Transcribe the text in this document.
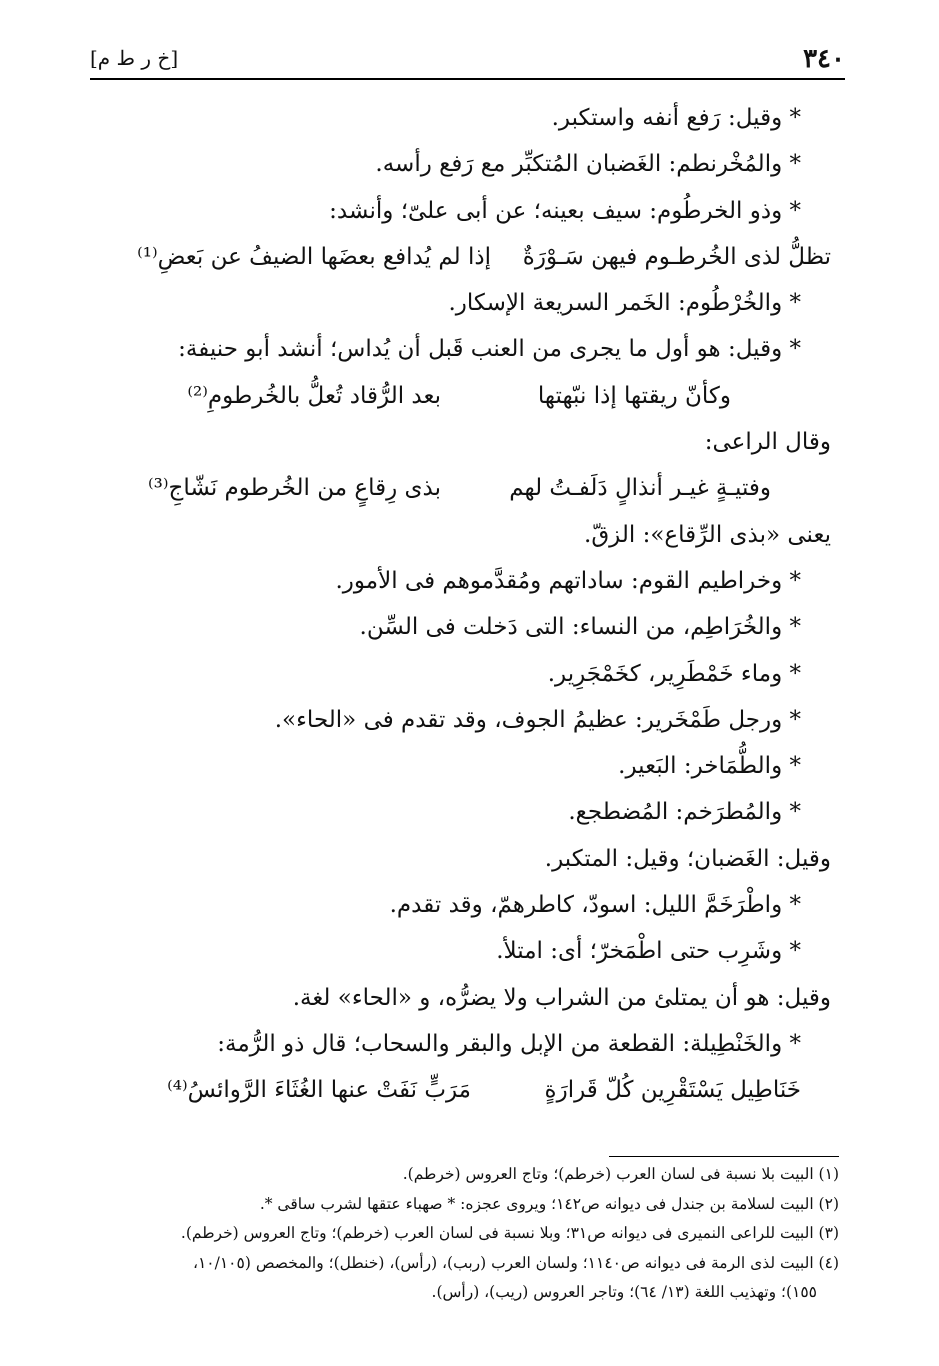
٣٤٠
[خ ر ط م]
* وقيل: رَفع أنفه واستكبر.
* والمُخْرنطم: الغَضبان المُتكبِّر مع رَفع رأسه.
* وذو الخرطُوم: سيف بعينه؛ عن أبى علىّ؛ وأنشد:
تظلُّ لذى الخُرطـوم فيهن سَـوْرَةٌ
إذا لم يُدافع بعضَها الضيفُ عن بَعضِ⁽¹⁾
* والخُرْطُوم: الخَمر السريعة الإسكار.
* وقيل: هو أول ما يجرى من العنب قَبل أن يُداس؛ أنشد أبو حنيفة:
وكأنّ ريقتها إذا نبّهتها
بعد الرُّقاد تُعلُّ بالخُرطومِ⁽²⁾
وقال الراعى:
وفتيـةٍ غيـر أنذالٍ دَلَفـتُ لهم
بذى رِقاعٍ من الخُرطوم نَشّاجِ⁽³⁾
يعنى «بذى الرِّقاع»: الزقّ.
* وخراطيم القوم: ساداتهم ومُقدَّموهم فى الأمور.
* والخُرَاطِم، من النساء: التى دَخلت فى السِّن.
* وماء خَمْطَرِير، كخَمْجَرِير.
* ورجل طَمْخَرير: عظيمُ الجوف، وقد تقدم فى «الحاء».
* والطُّمَاخر: البَعير.
* والمُطرَخم: المُضطجع.
وقيل: الغَضبان؛ وقيل: المتكبر.
* واطْرَخَمَّ الليل: اسودّ، كاطرهمّ، وقد تقدم.
* وشَرِب حتى اطْمَخرّ؛ أى: امتلأ.
وقيل: هو أن يمتلئ من الشراب ولا يضرُّه، و «الحاء» لغة.
* والخَنْطِيلة: القطعة من الإبل والبقر والسحاب؛ قال ذو الرُّمة:
خَنَاطِيل يَسْتَقْرِين كُلّ قَرارَةٍ
مَرَبٍّ نَفَتْ عنها الغُثَاءَ الرَّوائسُ⁽⁴⁾
(١) البيت بلا نسبة فى لسان العرب (خرطم)؛ وتاج العروس (خرطم).
(٢) البيت لسلامة بن جندل فى ديوانه ص١٤٢؛ ويروى عجزه: * صهباء عتقها لشرب ساقى *.
(٣) البيت للراعى النميرى فى ديوانه ص٣١؛ وبلا نسبة فى لسان العرب (خرطم)؛ وتاج العروس (خرطم).
(٤) البيت لذى الرمة فى ديوانه ص١١٤٠؛ ولسان العرب (ربب)، (رأس)، (خنطل)؛ والمخصص (١٠/١٠٥،
١٥٥)؛ وتهذيب اللغة (١٣/ ٦٤)؛ وتاجر العروس (ريب)، (رأس).
